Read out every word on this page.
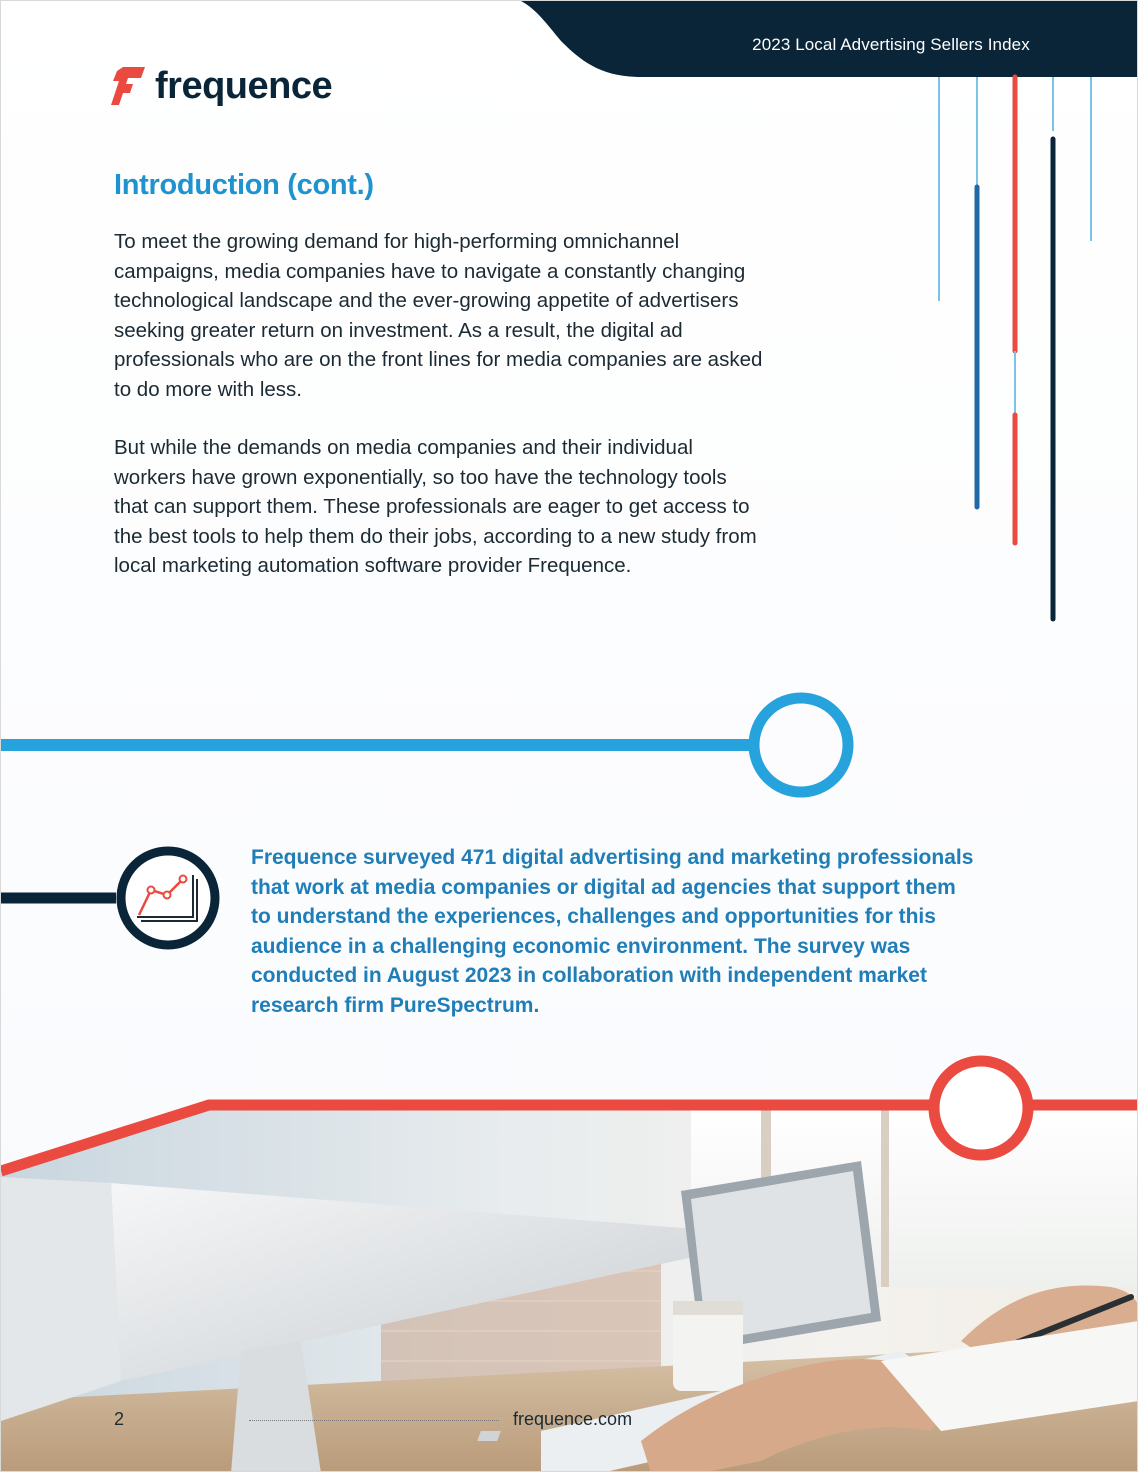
2023 Local Advertising Sellers Index
frequence
Introduction (cont.)

To meet the growing demand for high-performing omnichannel campaigns, media companies have to navigate a constantly changing technological landscape and the ever-growing appetite of advertisers seeking greater return on investment. As a result, the digital ad professionals who are on the front lines for media companies are asked to do more with less.

But while the demands on media companies and their individual workers have grown exponentially, so too have the technology tools that can support them. These professionals are eager to get access to the best tools to help them do their jobs, according to a new study from local marketing automation software provider Frequence.

Frequence surveyed 471 digital advertising and marketing professionals that work at media companies or digital ad agencies that support them to understand the experiences, challenges and opportunities for this audience in a challenging economic environment. The survey was conducted in August 2023 in collaboration with independent market research firm PureSpectrum.

2	frequence.com
